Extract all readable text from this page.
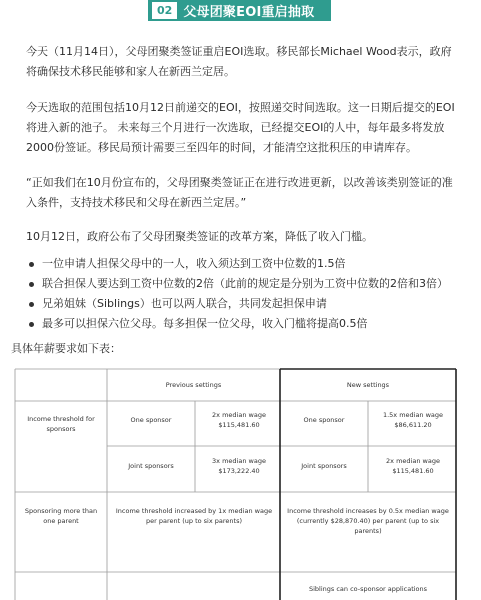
02 父母团聚EOI重启抽取

今天（11月14日），父母团聚类签证重启EOI选取。移民部长Michael Wood表示，政府将确保技术移民能够和家人在新西兰定居。

今天选取的范围包括10月12日前递交的EOI，按照递交时间选取。这一日期后提交的EOI将进入新的池子。 未来每三个月进行一次选取，已经提交EOI的人中，每年最多将发放2000份签证。移民局预计需要三至四年的时间，才能清空这批积压的申请库存。

“正如我们在10月份宣布的，父母团聚类签证正在进行改进更新，以改善该类别签证的准入条件，支持技术移民和父母在新西兰定居。”

10月12日，政府公布了父母团聚类签证的改革方案，降低了收入门槛。

一位申请人担保父母中的一人，收入须达到工资中位数的1.5倍
联合担保人要达到工资中位数的2倍（此前的规定是分别为工资中位数的2倍和3倍）
兄弟姐妹（Siblings）也可以两人联合，共同发起担保申请
最多可以担保六位父母。每多担保一位父母，收入门槛将提高0.5倍
具体年薪要求如下表：
Previous settings	New settings
Income threshold for sponsors
One sponsor
2x median wage $115,481.60
Joint sponsors
3x median wage $173,222.40
One sponsor
1.5x median wage $86,611.20
Joint sponsors
2x median wage $115,481.60
Sponsoring more than one parent
Income threshold increased by 1x median wage per parent (up to six parents)
Income threshold increases by 0.5x median wage (currently $28,870.40) per parent (up to six parents)
Siblings can co-sponsor applications
